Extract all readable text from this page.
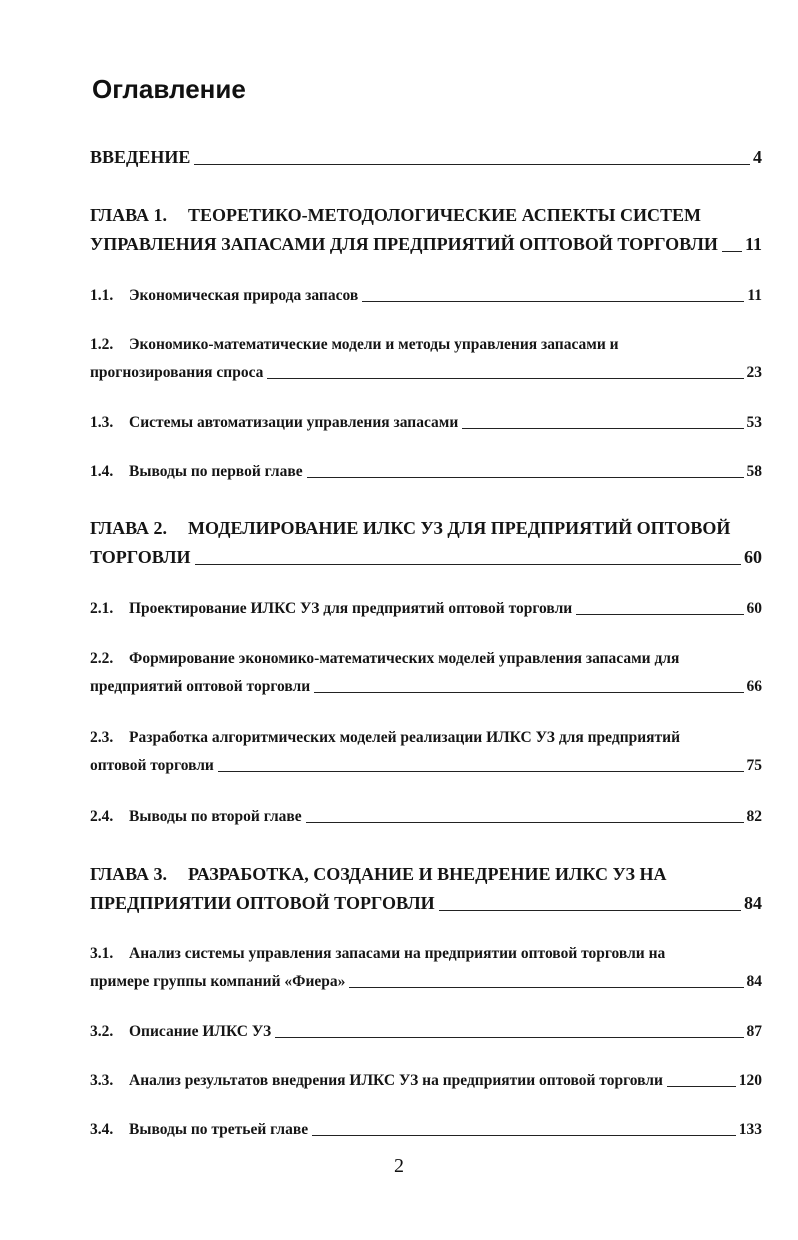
Оглавление
ВВЕДЕНИЕ	4
ГЛАВА 1.	ТЕОРЕТИКО-МЕТОДОЛОГИЧЕСКИЕ АСПЕКТЫ СИСТЕМ
УПРАВЛЕНИЯ ЗАПАСАМИ ДЛЯ ПРЕДПРИЯТИЙ ОПТОВОЙ ТОРГОВЛИ 11
1.1.	Экономическая природа запасов	11
1.2.	Экономико-математические модели и методы управления запасами и
прогнозирования спроса	23
1.3.	Системы автоматизации управления запасами	53
1.4.	Выводы по первой главе	58
ГЛАВА 2.	МОДЕЛИРОВАНИЕ ИЛКС УЗ ДЛЯ ПРЕДПРИЯТИЙ ОПТОВОЙ
ТОРГОВЛИ	60
2.1.	Проектирование ИЛКС УЗ для предприятий оптовой торговли	60
2.2.	Формирование экономико-математических моделей управления запасами для
предприятий оптовой торговли	66
2.3.	Разработка алгоритмических моделей реализации ИЛКС УЗ для предприятий
оптовой торговли	75
2.4.	Выводы по второй главе	82
ГЛАВА 3.	РАЗРАБОТКА, СОЗДАНИЕ И ВНЕДРЕНИЕ ИЛКС УЗ НА
ПРЕДПРИЯТИИ ОПТОВОЙ ТОРГОВЛИ	84
3.1.	Анализ системы управления запасами на предприятии оптовой торговли на
примере группы компаний «Фиера»	84
3.2.	Описание ИЛКС УЗ	87
3.3.	Анализ результатов внедрения ИЛКС УЗ на предприятии оптовой торговли	120
3.4.	Выводы по третьей главе	133
2
